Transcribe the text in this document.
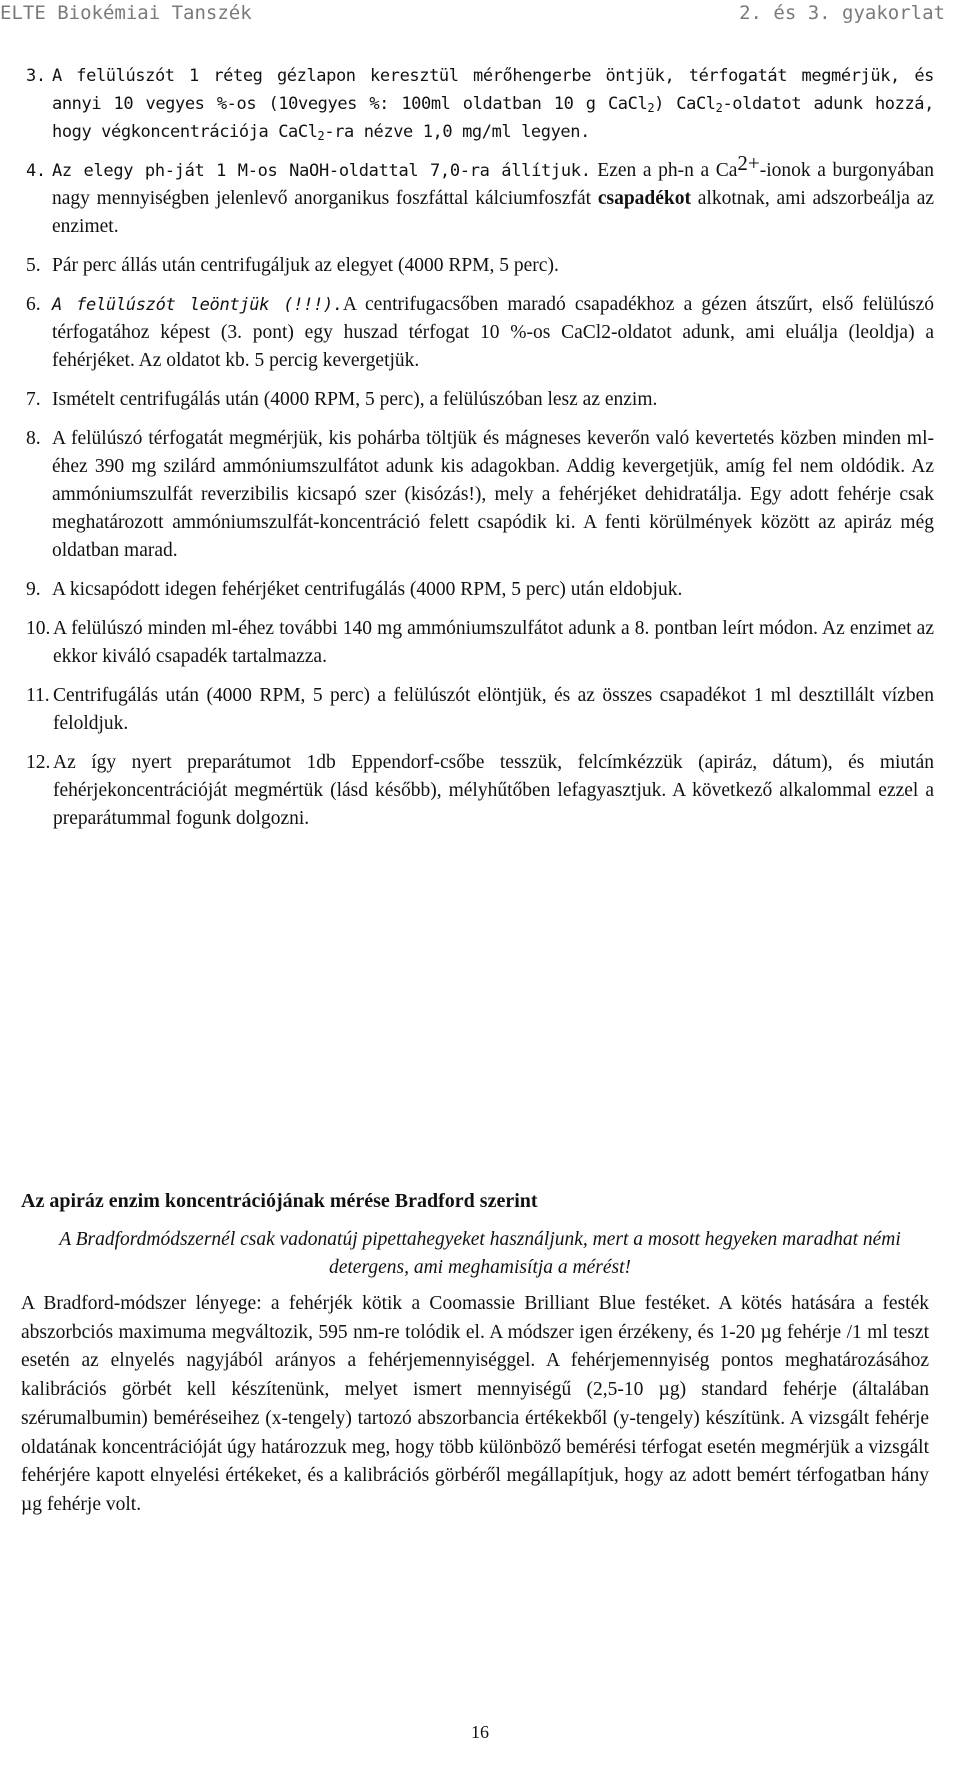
ELTE Biokémiai Tanszék	2. és 3. gyakorlat
3. A felülúszót 1 réteg gézlapon keresztül mérőhengerbe öntjük, térfogatát megmérjük, és annyi 10 vegyes %-os (10vegyes %: 100ml oldatban 10 g CaCl$_2$) CaCl$_2$-oldatot adunk hozzá, hogy végkoncentrációja CaCl$_2$-ra nézve 1,0 mg/ml legyen.
4. Az elegy ph-ját 1 M-os NaOH-oldattal 7,0-ra állítjuk. Ezen a ph-n a $Ca^{2+}$-ionok a burgonyában nagy mennyiségben jelenlevő anorganikus foszfáttal kálciumfoszfát csapadékot alkotnak, ami adszorbeálja az enzimet.
5. Pár perc állás után centrifugáljuk az elegyet (4000 RPM, 5 perc).
6. A felülúszót leöntjük (!!!).A centrifugacsőben maradó csapadékhoz a gézen átszűrt, első felülúszó térfogatához képest (3. pont) egy huszad térfogat 10 %-os CaCl2-oldatot adunk, ami eluálja (leoldja) a fehérjéket. Az oldatot kb. 5 percig kevergetjük.
7. Ismételt centrifugálás után (4000 RPM, 5 perc), a felülúszóban lesz az enzim.
8. A felülúszó térfogatát megmérjük, kis pohárba töltjük és mágneses keverőn való kevertetés közben minden ml-éhez 390 mg szilárd ammóniumszulfátot adunk kis adagokban. Addig kevergetjük, amíg fel nem oldódik. Az ammóniumszulfát reverzibilis kicsapó szer (kisózás!), mely a fehérjéket dehidratálja. Egy adott fehérje csak meghatározott ammóniumszulfát-koncentráció felett csapódik ki. A fenti körülmények között az apiráz még oldatban marad.
9. A kicsapódott idegen fehérjéket centrifugálás (4000 RPM, 5 perc) után eldobjuk.
10. A felülúszó minden ml-éhez további 140 mg ammóniumszulfátot adunk a 8. pontban leírt módon. Az enzimet az ekkor kiváló csapadék tartalmazza.
11. Centrifugálás után (4000 RPM, 5 perc) a felülúszót elöntjük, és az összes csapadékot 1 ml desztillált vízben feloldjuk.
12. Az így nyert preparátumot 1db Eppendorf-csőbe tesszük, felcímkézzük (apiráz, dátum), és miután fehérjekoncentrációját megmértük (lásd később), mélyhűtőben lefagyasztjuk. A következő alkalommal ezzel a preparátummal fogunk dolgozni.
Az apiráz enzim koncentrációjának mérése Bradford szerint
A Bradfordmódszernél csak vadonatúj pipettahegyeket használjunk, mert a mosott hegyeken maradhat némi detergens, ami meghamisítja a mérést!
A Bradford-módszer lényege: a fehérjék kötik a Coomassie Brilliant Blue festéket. A kötés hatására a festék abszorbciós maximuma megváltozik, 595 nm-re tolódik el. A módszer igen érzékeny, és 1-20 µg fehérje /1 ml teszt esetén az elnyelés nagyjából arányos a fehérjemennyiséggel. A fehérjemennyiség pontos meghatározásához kalibrációs görbét kell készítenünk, melyet ismert mennyiségű (2,5-10 µg) standard fehérje (általában szérumalbumin) beméréseihez (x-tengely) tartozó abszorbancia értékekből (y-tengely) készítünk. A vizsgált fehérje oldatának koncentrációját úgy határozzuk meg, hogy több különböző bemérési térfogat esetén megmérjük a vizsgált fehérjére kapott elnyelési értékeket, és a kalibrációs görbéről megállapítjuk, hogy az adott bemért térfogatban hány µg fehérje volt.
16
